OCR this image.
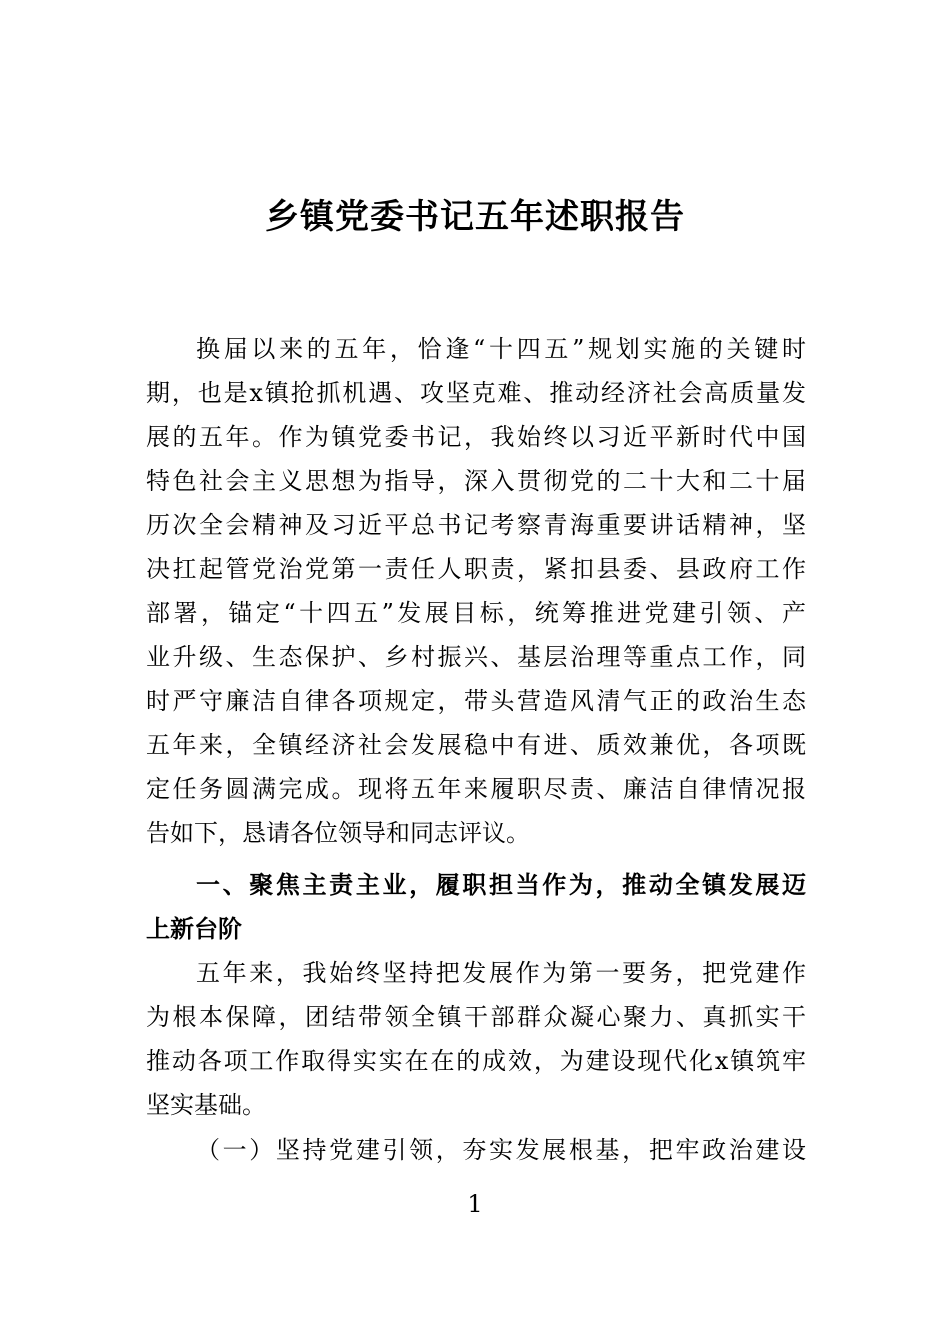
乡镇党委书记五年述职报告
换届以来的五年，恰逢“十四五”规划实施的关键时
期，也是x镇抢抓机遇、攻坚克难、推动经济社会高质量发
展的五年。作为镇党委书记，我始终以习近平新时代中国
特色社会主义思想为指导，深入贯彻党的二十大和二十届
历次全会精神及习近平总书记考察青海重要讲话精神，坚
决扛起管党治党第一责任人职责，紧扣县委、县政府工作
部署，锚定“十四五”发展目标，统筹推进党建引领、产
业升级、生态保护、乡村振兴、基层治理等重点工作，同
时严守廉洁自律各项规定，带头营造风清气正的政治生态
五年来，全镇经济社会发展稳中有进、质效兼优，各项既
定任务圆满完成。现将五年来履职尽责、廉洁自律情况报
告如下，恳请各位领导和同志评议。
一、聚焦主责主业，履职担当作为，推动全镇发展迈
上新台阶
五年来，我始终坚持把发展作为第一要务，把党建作
为根本保障，团结带领全镇干部群众凝心聚力、真抓实干
推动各项工作取得实实在在的成效，为建设现代化x镇筑牢
坚实基础。
（一）坚持党建引领，夯实发展根基，把牢政治建设
1
